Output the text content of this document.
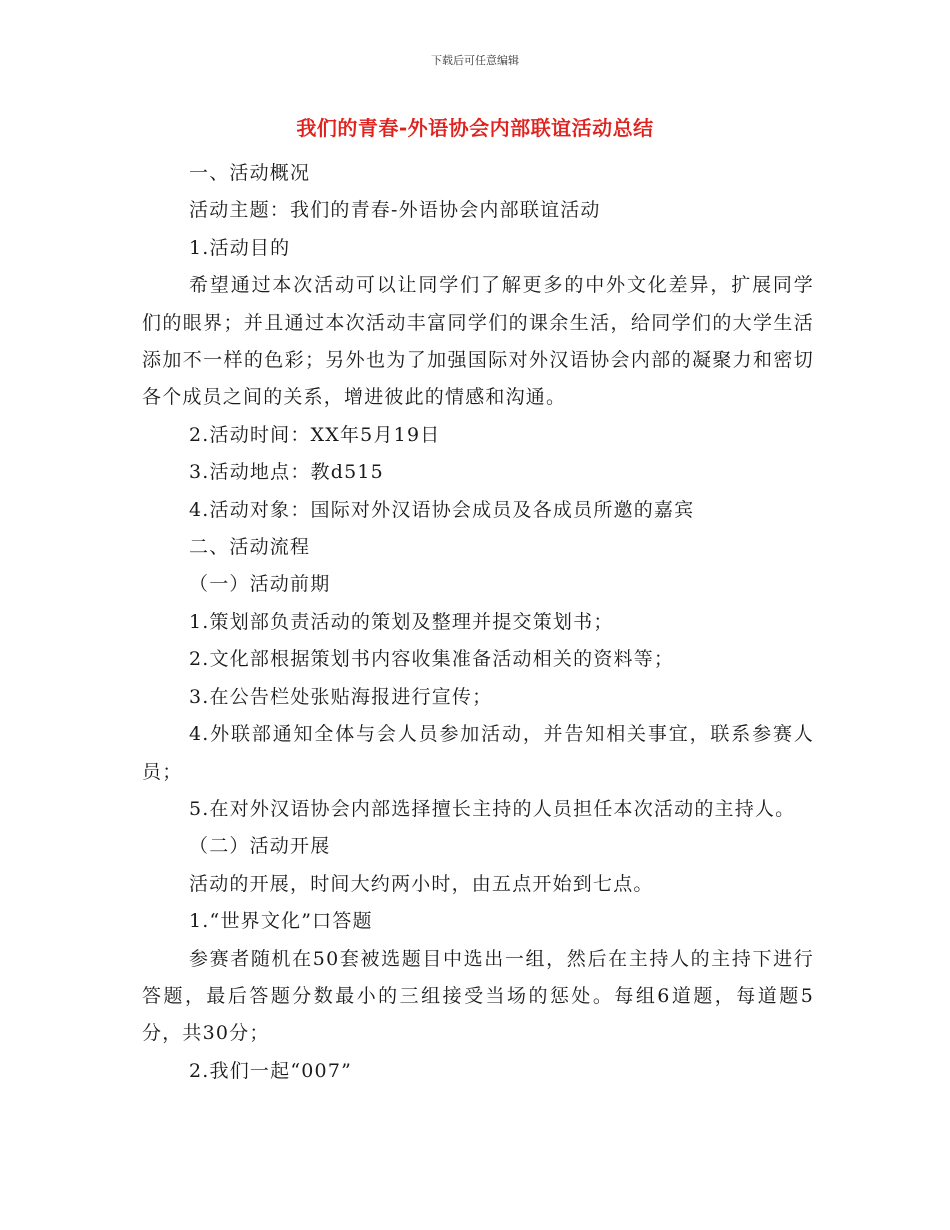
下载后可任意编辑
我们的青春-外语协会内部联谊活动总结

一、活动概况

活动主题：我们的青春-外语协会内部联谊活动

1.活动目的

希望通过本次活动可以让同学们了解更多的中外文化差异，扩展同学们的眼界；并且通过本次活动丰富同学们的课余生活，给同学们的大学生活添加不一样的色彩；另外也为了加强国际对外汉语协会内部的凝聚力和密切各个成员之间的关系，增进彼此的情感和沟通。

2.活动时间：XX年5月19日

3.活动地点：教d515

4.活动对象：国际对外汉语协会成员及各成员所邀的嘉宾

二、活动流程

（一）活动前期

1.策划部负责活动的策划及整理并提交策划书；

2.文化部根据策划书内容收集准备活动相关的资料等；

3.在公告栏处张贴海报进行宣传；

4.外联部通知全体与会人员参加活动，并告知相关事宜，联系参赛人员；

5.在对外汉语协会内部选择擅长主持的人员担任本次活动的主持人。

（二）活动开展

活动的开展，时间大约两小时，由五点开始到七点。

1.“世界文化”口答题

参赛者随机在50套被选题目中选出一组，然后在主持人的主持下进行答题，最后答题分数最小的三组接受当场的惩处。每组6道题，每道题5分，共30分；

2.我们一起“007”
